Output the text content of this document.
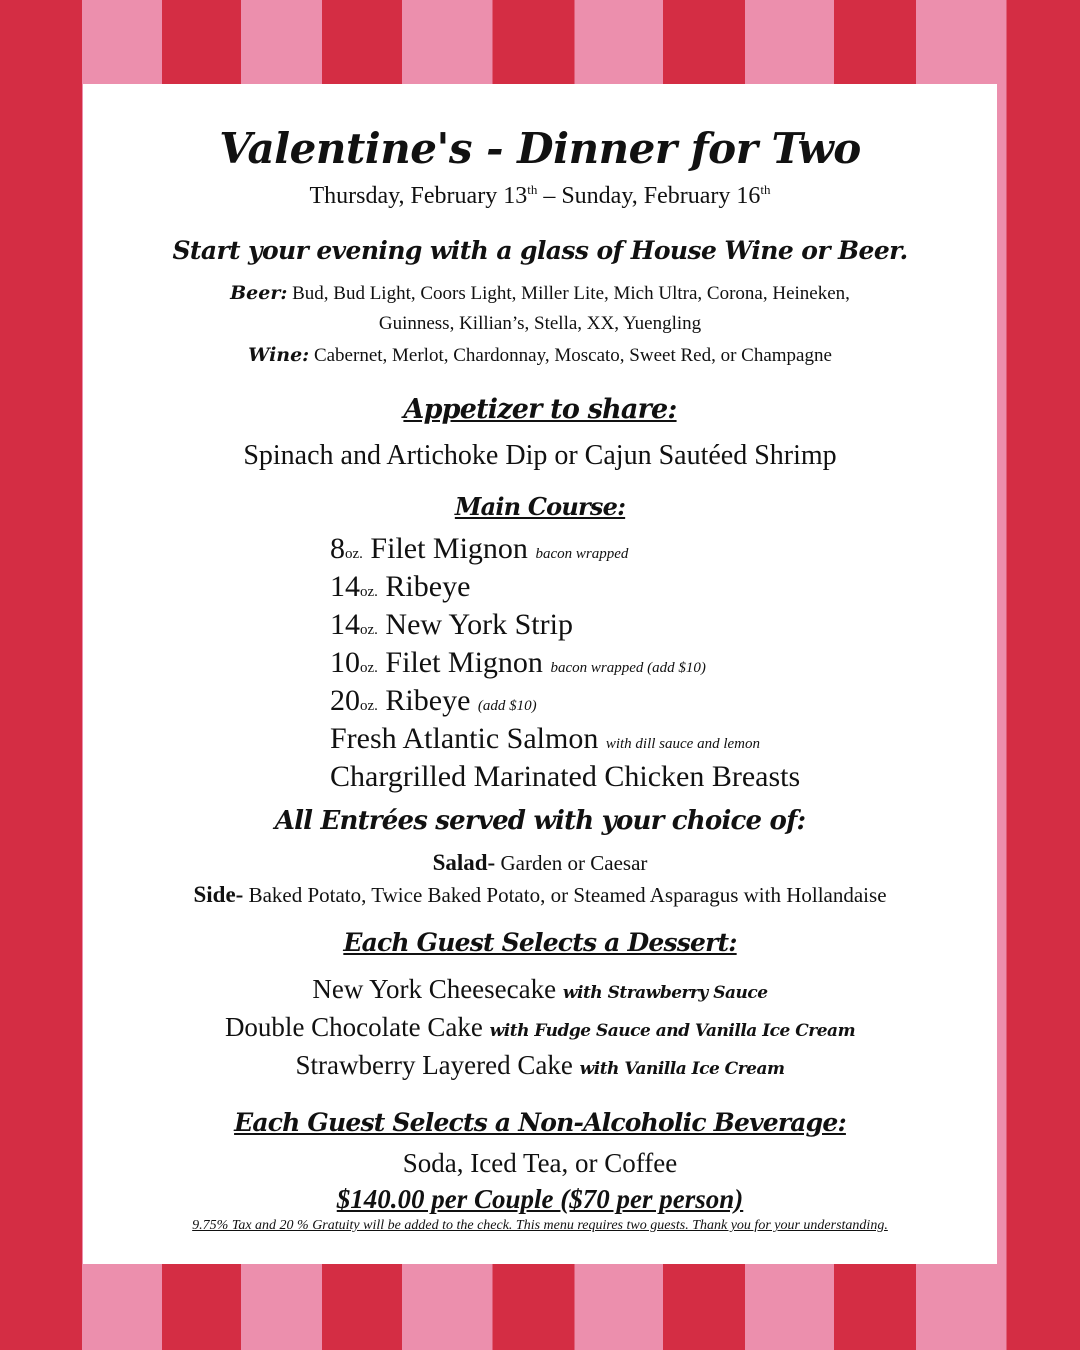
Valentine's - Dinner for Two
Thursday, February 13th – Sunday, February 16th
Start your evening with a glass of House Wine or Beer.
Beer: Bud, Bud Light, Coors Light, Miller Lite, Mich Ultra, Corona, Heineken,
Guinness, Killian’s, Stella, XX, Yuengling
Wine: Cabernet, Merlot, Chardonnay, Moscato, Sweet Red, or Champagne
Appetizer to share:
Spinach and Artichoke Dip or Cajun Sautéed Shrimp
Main Course:
8oz. Filet Mignon bacon wrapped
14oz. Ribeye
14oz. New York Strip
10oz. Filet Mignon bacon wrapped (add $10)
20oz. Ribeye (add $10)
Fresh Atlantic Salmon with dill sauce and lemon
Chargrilled Marinated Chicken Breasts
All Entrées served with your choice of:
Salad- Garden or Caesar
Side- Baked Potato, Twice Baked Potato, or Steamed Asparagus with Hollandaise
Each Guest Selects a Dessert:
New York Cheesecake with Strawberry Sauce
Double Chocolate Cake with Fudge Sauce and Vanilla Ice Cream
Strawberry Layered Cake with Vanilla Ice Cream
Each Guest Selects a Non-Alcoholic Beverage:
Soda, Iced Tea, or Coffee
$140.00 per Couple ($70 per person)
9.75% Tax and 20 % Gratuity will be added to the check. This menu requires two guests. Thank you for your understanding.
